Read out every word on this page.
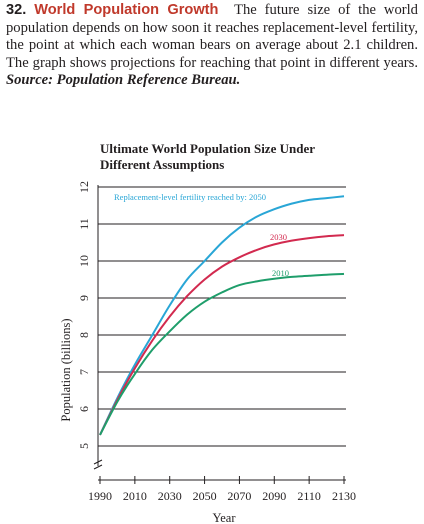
32. World Population Growth The future size of the world population depends on how soon it reaches replacement-level fertility, the point at which each woman bears on average about 2.1 children. The graph shows projections for reaching that point in different years. Source: Population Reference Bureau.
Ultimate World Population Size Under
Different Assumptions
5
6
7
8
9
10
11
12
1990 2010 2030 2050 2070 2090 2110 2130
Replacement-level fertility reached by: 2050
2030
2010
Population (billions)
Year
